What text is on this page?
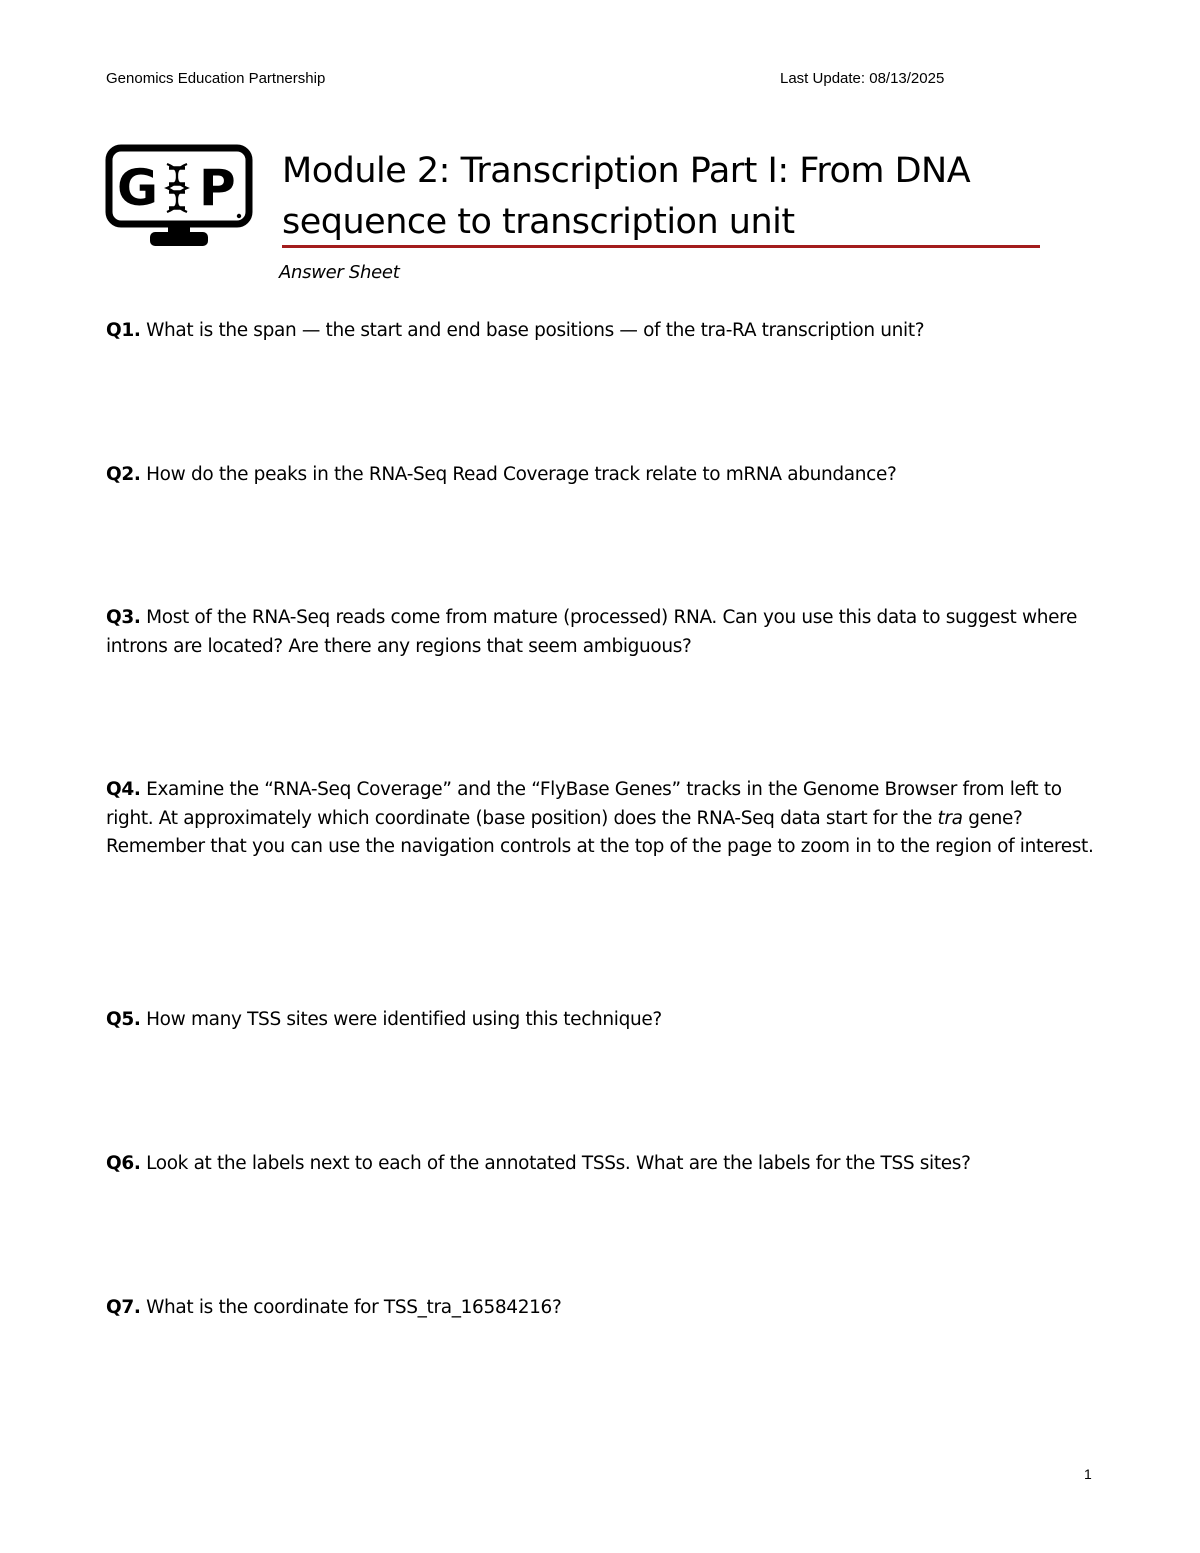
Genomics Education Partnership	Last Update: 08/13/2025
G P Module 2: Transcription Part I: From DNA
sequence to transcription unit
Answer Sheet

Q1. What is the span — the start and end base positions — of the tra-RA transcription unit?

Q2. How do the peaks in the RNA-Seq Read Coverage track relate to mRNA abundance?

Q3. Most of the RNA-Seq reads come from mature (processed) RNA. Can you use this data to suggest where introns are located? Are there any regions that seem ambiguous?

Q4. Examine the “RNA-Seq Coverage” and the “FlyBase Genes” tracks in the Genome Browser from left to right. At approximately which coordinate (base position) does the RNA-Seq data start for the tra gene? Remember that you can use the navigation controls at the top of the page to zoom in to the region of interest.

Q5. How many TSS sites were identified using this technique?

Q6. Look at the labels next to each of the annotated TSSs. What are the labels for the TSS sites?

Q7. What is the coordinate for TSS_tra_16584216?

1
